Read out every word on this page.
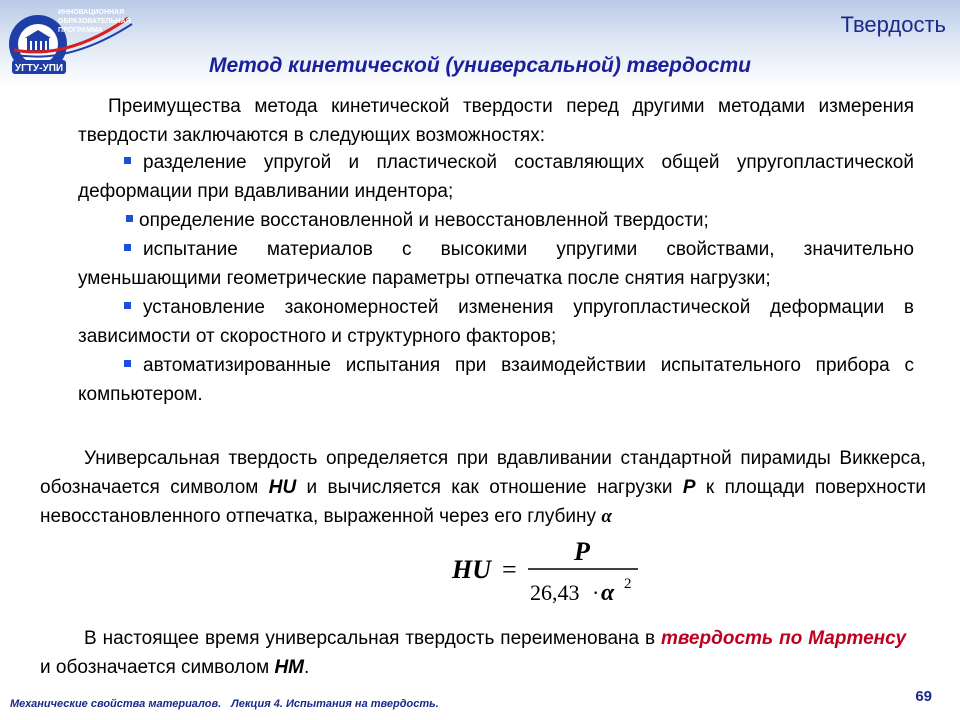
УГТУ-УПИ
ИННОВАЦИОННАЯ
ОБРАЗОВАТЕЛЬНАЯ
ПРОГРАММА	Твердость
Метод кинетической (универсальной) твердости

Преимущества метода кинетической твердости перед другими методами измерения твердости заключаются в следующих возможностях:

разделение упругой и пластической составляющих общей упругопластической деформации при вдавливании индентора;
определение восстановленной и невосстановленной твердости;
испытание материалов с высокими упругими свойствами, значительно уменьшающими геометрические параметры отпечатка после снятия нагрузки;
установление закономерностей изменения упругопластической деформации в зависимости от скоростного и структурного факторов;
автоматизированные испытания при взаимодействии испытательного прибора с компьютером.

Универсальная твердость определяется при вдавливании стандартной пирамиды Виккерса, обозначается символом HU и вычисляется как отношение нагрузки P к площади поверхности невосстановленного отпечатка, выраженной через его глубину α

HU =
P
26,43 · α 2

В настоящее время универсальная твердость переименована в твердость по Мартенсу и обозначается символом НМ.

Механические свойства материалов. Лекция 4. Испытания на твердость.	69
